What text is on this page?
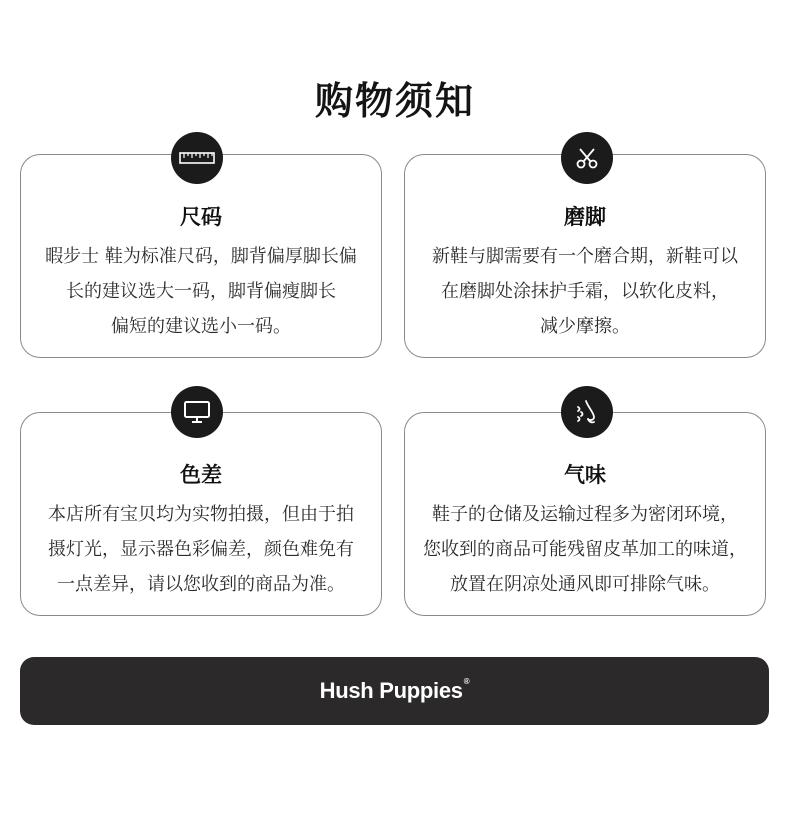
购物须知
尺码
暇步士 鞋为标准尺码，脚背偏厚脚长偏
长的建议选大一码，脚背偏瘦脚长
偏短的建议选小一码。
磨脚
新鞋与脚需要有一个磨合期，新鞋可以
在磨脚处涂抹护手霜，以软化皮料，
减少摩擦。
色差
本店所有宝贝均为实物拍摄，但由于拍
摄灯光，显示器色彩偏差，颜色难免有
一点差异，请以您收到的商品为准。
气味
鞋子的仓储及运输过程多为密闭环境，
您收到的商品可能残留皮革加工的味道，
放置在阴凉处通风即可排除气味。
Hush Puppies®
